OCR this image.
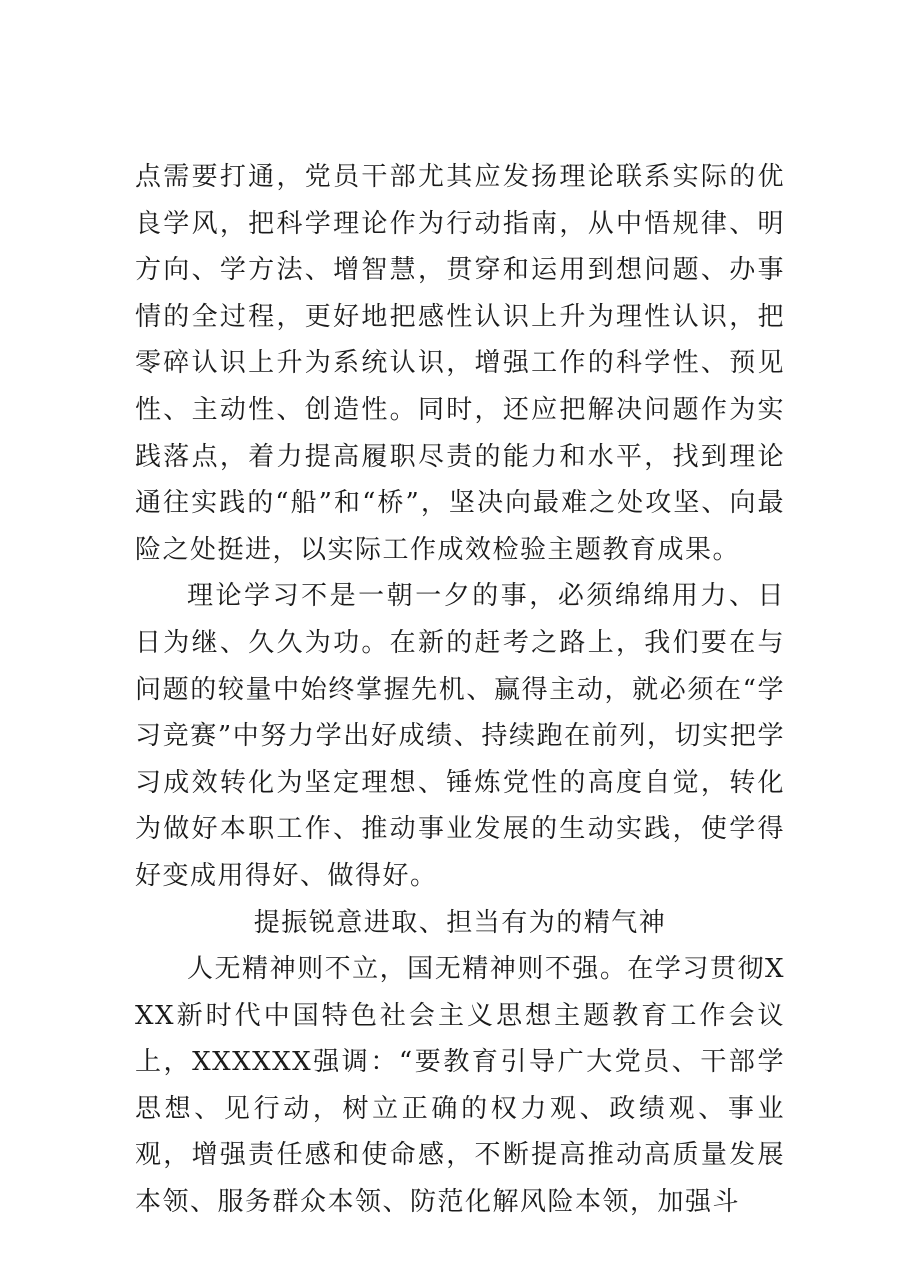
点需要打通，党员干部尤其应发扬理论联系实际的优良学风，把科学理论作为行动指南，从中悟规律、明方向、学方法、增智慧，贯穿和运用到想问题、办事情的全过程，更好地把感性认识上升为理性认识，把零碎认识上升为系统认识，增强工作的科学性、预见性、主动性、创造性。同时，还应把解决问题作为实践落点，着力提高履职尽责的能力和水平，找到理论通往实践的“船”和“桥”，坚决向最难之处攻坚、向最险之处挺进，以实际工作成效检验主题教育成果。

理论学习不是一朝一夕的事，必须绵绵用力、日日为继、久久为功。在新的赶考之路上，我们要在与问题的较量中始终掌握先机、赢得主动，就必须在“学习竞赛”中努力学出好成绩、持续跑在前列，切实把学习成效转化为坚定理想、锤炼党性的高度自觉，转化为做好本职工作、推动事业发展的生动实践，使学得好变成用得好、做得好。

提振锐意进取、担当有为的精气神

人无精神则不立，国无精神则不强。在学习贯彻XXX新时代中国特色社会主义思想主题教育工作会议上，XXXXXX强调：“要教育引导广大党员、干部学思想、见行动，树立正确的权力观、政绩观、事业观，增强责任感和使命感，不断提高推动高质量发展本领、服务群众本领、防范化解风险本领，加强斗
